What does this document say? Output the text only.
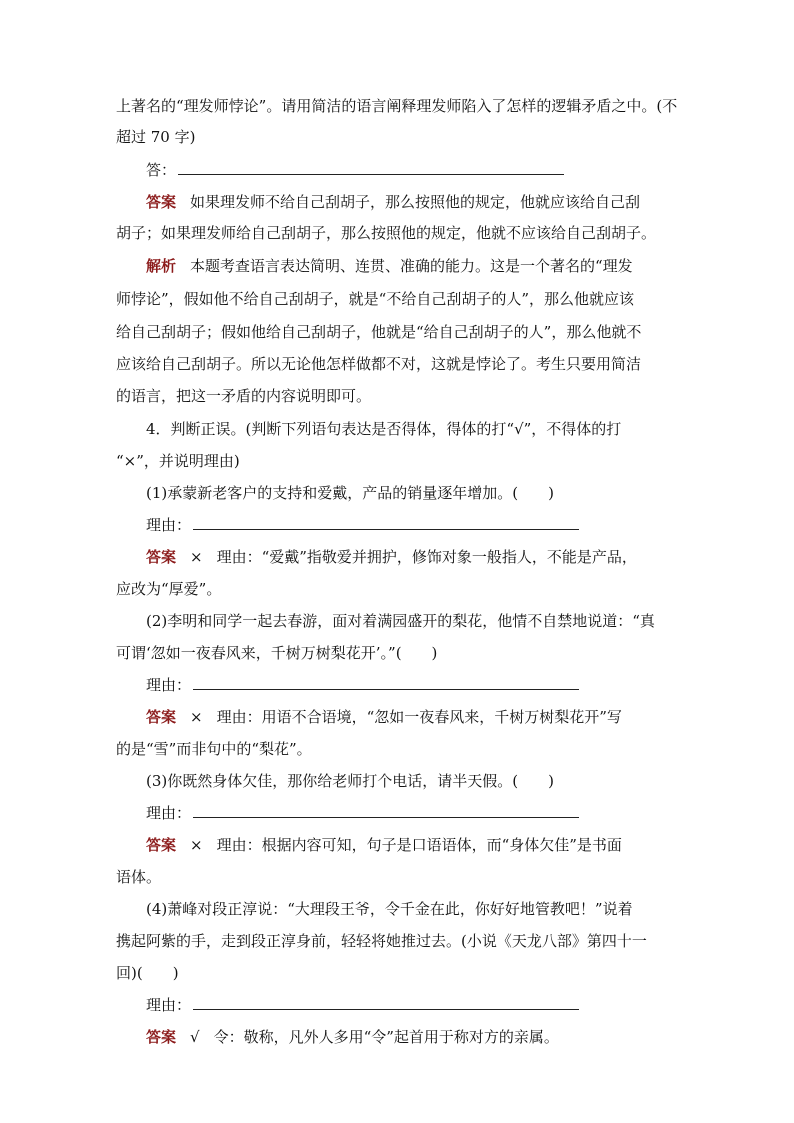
上著名的“理发师悖论”。请用简洁的语言阐释理发师陷入了怎样的逻辑矛盾之中。(不
超过 70 字)
答：
答案 如果理发师不给自己刮胡子，那么按照他的规定，他就应该给自己刮
胡子；如果理发师给自己刮胡子，那么按照他的规定，他就不应该给自己刮胡子。
解析 本题考查语言表达简明、连贯、准确的能力。这是一个著名的“理发
师悖论”，假如他不给自己刮胡子，就是“不给自己刮胡子的人”，那么他就应该
给自己刮胡子；假如他给自己刮胡子，他就是“给自己刮胡子的人”，那么他就不
应该给自己刮胡子。所以无论他怎样做都不对，这就是悖论了。考生只要用简洁
的语言，把这一矛盾的内容说明即可。
4．判断正误。(判断下列语句表达是否得体，得体的打“√”，不得体的打
“×”，并说明理由)
(1)承蒙新老客户的支持和爱戴，产品的销量逐年增加。(　　)
理由：
答案 × 理由：“爱戴”指敬爱并拥护，修饰对象一般指人，不能是产品，
应改为“厚爱”。
(2)李明和同学一起去春游，面对着满园盛开的梨花，他情不自禁地说道：“真
可谓‘忽如一夜春风来，千树万树梨花开’。”(　　)
理由：
答案 × 理由：用语不合语境，“忽如一夜春风来，千树万树梨花开”写
的是“雪”而非句中的“梨花”。
(3)你既然身体欠佳，那你给老师打个电话，请半天假。(　　)
理由：
答案 × 理由：根据内容可知，句子是口语语体，而“身体欠佳”是书面
语体。
(4)萧峰对段正淳说：“大理段王爷，令千金在此，你好好地管教吧！”说着
携起阿紫的手，走到段正淳身前，轻轻将她推过去。(小说《天龙八部》第四十一
回)(　　)
理由：
答案 √ 令：敬称，凡外人多用“令”起首用于称对方的亲属。
